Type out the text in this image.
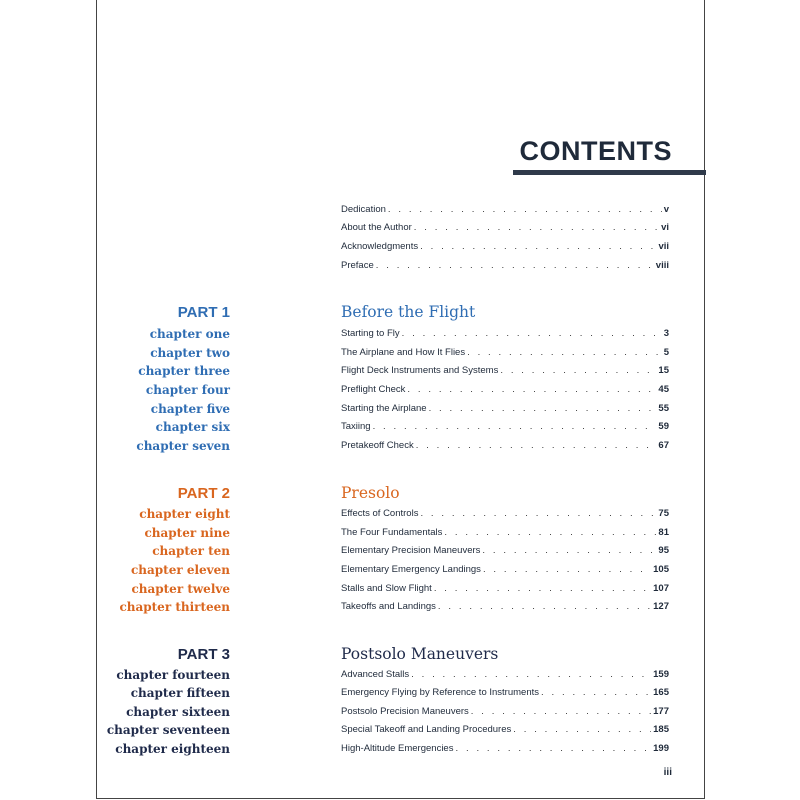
CONTENTS
Dedication . . .	v
About the Author . . .	vi
Acknowledgments . . .	vii
Preface . . .	viii
PART 1	Before the Flight
chapter one	Starting to Fly . . .	3
chapter two	The Airplane and How It Flies . . .	5
chapter three	Flight Deck Instruments and Systems . . .	15
chapter four	Preflight Check . . .	45
chapter five	Starting the Airplane . . .	55
chapter six	Taxiing . . .	59
chapter seven	Pretakeoff Check . . .	67
PART 2	Presolo
chapter eight	Effects of Controls . . .	75
chapter nine	The Four Fundamentals . . .	81
chapter ten	Elementary Precision Maneuvers . . .	95
chapter eleven	Elementary Emergency Landings . . .	105
chapter twelve	Stalls and Slow Flight . . .	107
chapter thirteen	Takeoffs and Landings . . .	127
PART 3	Postsolo Maneuvers
chapter fourteen	Advanced Stalls . . .	159
chapter fifteen	Emergency Flying by Reference to Instruments . . .	165
chapter sixteen	Postsolo Precision Maneuvers . . .	177
chapter seventeen	Special Takeoff and Landing Procedures . . .	185
chapter eighteen	High-Altitude Emergencies . . .	199
iii
